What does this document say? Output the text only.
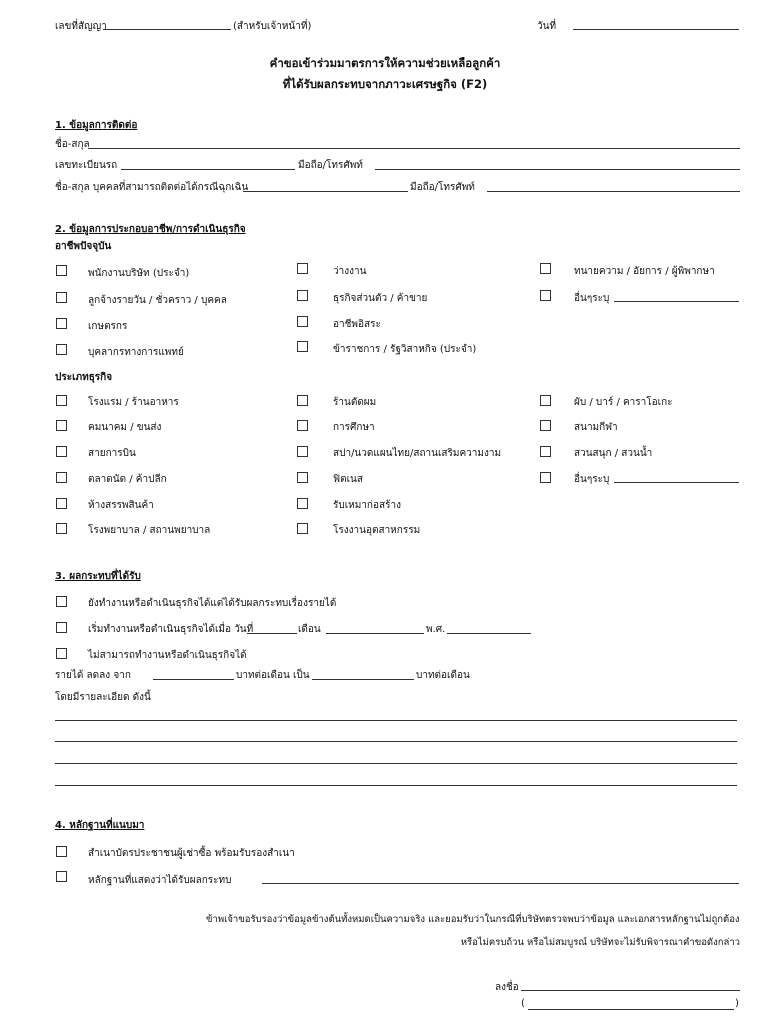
เลขที่สัญญา	(สำหรับเจ้าหน้าที่)	วันที่
คำขอเข้าร่วมมาตรการให้ความช่วยเหลือลูกค้า
ที่ได้รับผลกระทบจากภาวะเศรษฐกิจ (F2)
1. ข้อมูลการติดต่อ
ชื่อ-สกุล
เลขทะเบียนรถ	มือถือ/โทรศัพท์
ชื่อ-สกุล บุคคลที่สามารถติดต่อได้กรณีฉุกเฉิน	มือถือ/โทรศัพท์
2. ข้อมูลการประกอบอาชีพ/การดำเนินธุรกิจ
อาชีพปัจจุบัน
พนักงานบริษัท (ประจำ)	ว่างงาน	ทนายความ / อัยการ / ผู้พิพากษา
ลูกจ้างรายวัน / ชั่วคราว / บุคคล	ธุรกิจส่วนตัว / ค้าขาย	อื่นๆระบุ
เกษตรกร	อาชีพอิสระ
บุคลากรทางการแพทย์	ข้าราชการ / รัฐวิสาหกิจ (ประจำ)
ประเภทธุรกิจ
โรงแรม / ร้านอาหาร	ร้านตัดผม	ผับ / บาร์ / คาราโอเกะ
คมนาคม / ขนส่ง	การศึกษา	สนามกีฬา
สายการบิน	สปา/นวดแผนไทย/สถานเสริมความงาม	สวนสนุก / สวนน้ำ
ตลาดนัด / ค้าปลีก	ฟิตเนส	อื่นๆระบุ
ห้างสรรพสินค้า	รับเหมาก่อสร้าง
โรงพยาบาล / สถานพยาบาล	โรงงานอุตสาหกรรม
3. ผลกระทบที่ได้รับ
ยังทำงานหรือดำเนินธุรกิจได้แต่ได้รับผลกระทบเรื่องรายได้
เริ่มทำงานหรือดำเนินธุรกิจได้เมื่อ วันที่	เดือน	พ.ศ.
ไม่สามารถทำงานหรือดำเนินธุรกิจได้
รายได้ ลดลง จาก	บาทต่อเดือน เป็น	บาทต่อเดือน
โดยมีรายละเอียด ดังนี้
4. หลักฐานที่แนบมา
สำเนาบัตรประชาชนผู้เช่าซื้อ พร้อมรับรองสำเนา
หลักฐานที่แสดงว่าได้รับผลกระทบ
ข้าพเจ้าขอรับรองว่าข้อมูลข้างต้นทั้งหมดเป็นความจริง และยอมรับว่าในกรณีที่บริษัทตรวจพบว่าข้อมูล และเอกสารหลักฐานไม่ถูกต้อง
หรือไม่ครบถ้วน หรือไม่สมบูรณ์ บริษัทจะไม่รับพิจารณาคำขอดังกล่าว
ลงชื่อ
(	)
